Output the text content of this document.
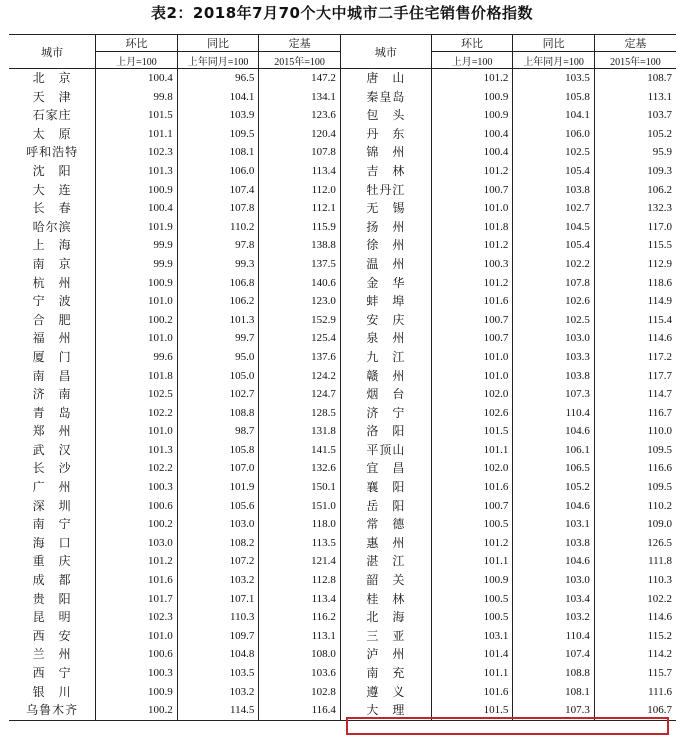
表2：2018年7月70个大中城市二手住宅销售价格指数
城市	环比	同比	定基	城市	环比	同比	定基
	上月=100	上年同月=100	2015年=100		上月=100	上年同月=100	2015年=100
北　京	100.4	96.5	147.2	唐　山	101.2	103.5	108.7
天　津	99.8	104.1	134.1	秦皇岛	100.9	105.8	113.1
石家庄	101.5	103.9	123.6	包　头	100.9	104.1	103.7
太　原	101.1	109.5	120.4	丹　东	100.4	106.0	105.2
呼和浩特	102.3	108.1	107.8	锦　州	100.4	102.5	95.9
沈　阳	101.3	106.0	113.4	吉　林	101.2	105.4	109.3
大　连	100.9	107.4	112.0	牡丹江	100.7	103.8	106.2
长　春	100.4	107.8	112.1	无　锡	101.0	102.7	132.3
哈尔滨	101.9	110.2	115.9	扬　州	101.8	104.5	117.0
上　海	99.9	97.8	138.8	徐　州	101.2	105.4	115.5
南　京	99.9	99.3	137.5	温　州	100.3	102.2	112.9
杭　州	100.9	106.8	140.6	金　华	101.2	107.8	118.6
宁　波	101.0	106.2	123.0	蚌　埠	101.6	102.6	114.9
合　肥	100.2	101.3	152.9	安　庆	100.7	102.5	115.4
福　州	101.0	99.7	125.4	泉　州	100.7	103.0	114.6
厦　门	99.6	95.0	137.6	九　江	101.0	103.3	117.2
南　昌	101.8	105.0	124.2	赣　州	101.0	103.8	117.7
济　南	102.5	102.7	124.7	烟　台	102.0	107.3	114.7
青　岛	102.2	108.8	128.5	济　宁	102.6	110.4	116.7
郑　州	101.0	98.7	131.8	洛　阳	101.5	104.6	110.0
武　汉	101.3	105.8	141.5	平顶山	101.1	106.1	109.5
长　沙	102.2	107.0	132.6	宜　昌	102.0	106.5	116.6
广　州	100.3	101.9	150.1	襄　阳	101.6	105.2	109.5
深　圳	100.6	105.6	151.0	岳　阳	100.7	104.6	110.2
南　宁	100.2	103.0	118.0	常　德	100.5	103.1	109.0
海　口	103.0	108.2	113.5	惠　州	101.2	103.8	126.5
重　庆	101.2	107.2	121.4	湛　江	101.1	104.6	111.8
成　都	101.6	103.2	112.8	韶　关	100.9	103.0	110.3
贵　阳	101.7	107.1	113.4	桂　林	100.5	103.4	102.2
昆　明	102.3	110.3	116.2	北　海	100.5	103.2	114.6
西　安	101.0	109.7	113.1	三　亚	103.1	110.4	115.2
兰　州	100.6	104.8	108.0	泸　州	101.4	107.4	114.2
西　宁	100.3	103.5	103.6	南　充	101.1	108.8	115.7
银　川	100.9	103.2	102.8	遵　义	101.6	108.1	111.6
乌鲁木齐	100.2	114.5	116.4	大　理	101.5	107.3	106.7
